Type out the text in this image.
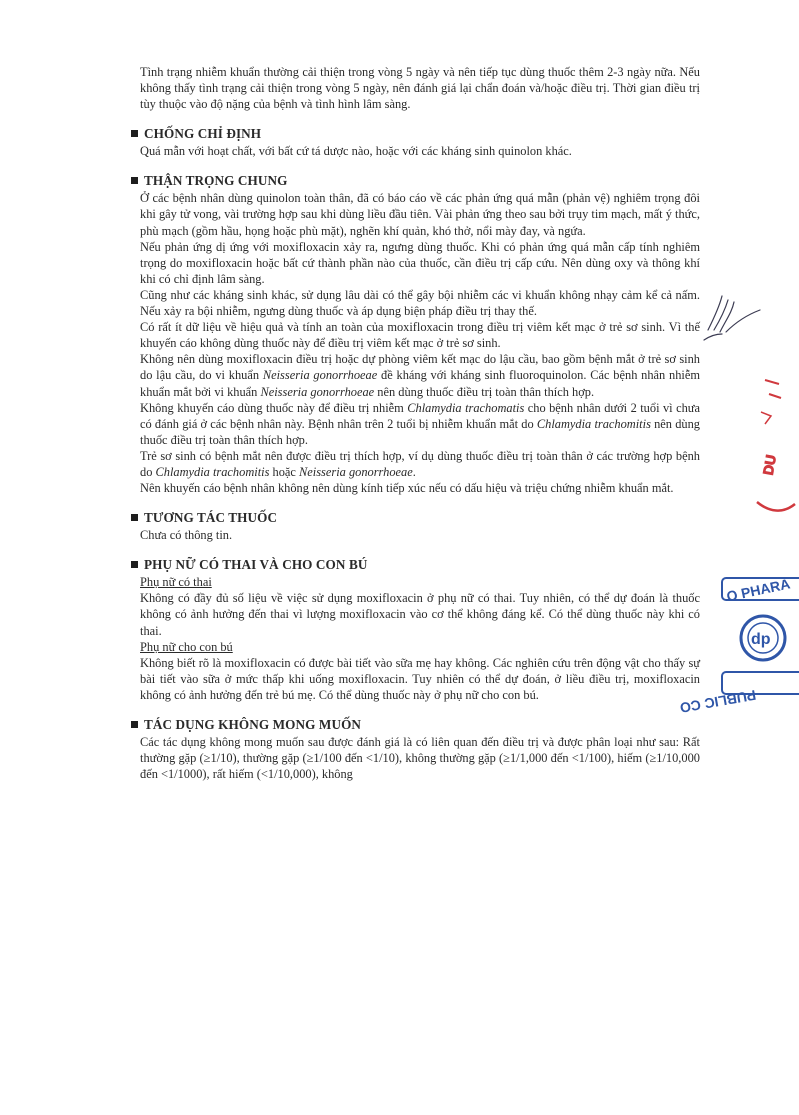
Tình trạng nhiễm khuẩn thường cải thiện trong vòng 5 ngày và nên tiếp tục dùng thuốc thêm 2-3 ngày nữa. Nếu không thấy tình trạng cải thiện trong vòng 5 ngày, nên đánh giá lại chẩn đoán và/hoặc điều trị. Thời gian điều trị tùy thuộc vào độ nặng của bệnh và tình hình lâm sàng.

CHỐNG CHỈ ĐỊNH

Quá mẫn với hoạt chất, với bất cứ tá dược nào, hoặc với các kháng sinh quinolon khác.

THẬN TRỌNG CHUNG

Ở các bệnh nhân dùng quinolon toàn thân, đã có báo cáo về các phản ứng quá mẫn (phản vệ) nghiêm trọng đôi khi gây tử vong, vài trường hợp sau khi dùng liều đầu tiên. Vài phản ứng theo sau bởi trụy tim mạch, mất ý thức, phù mạch (gồm hầu, họng hoặc phù mặt), nghẽn khí quản, khó thở, nổi mày đay, và ngứa.

Nếu phản ứng dị ứng với moxifloxacin xảy ra, ngưng dùng thuốc. Khi có phản ứng quá mẫn cấp tính nghiêm trọng do moxifloxacin hoặc bất cứ thành phần nào của thuốc, cần điều trị cấp cứu. Nên dùng oxy và thông khí khi có chỉ định lâm sàng.

Cũng như các kháng sinh khác, sử dụng lâu dài có thể gây bội nhiễm các vi khuẩn không nhạy cảm kể cả nấm. Nếu xảy ra bội nhiễm, ngưng dùng thuốc và áp dụng biện pháp điều trị thay thế.

Có rất ít dữ liệu về hiệu quả và tính an toàn của moxifloxacin trong điều trị viêm kết mạc ở trẻ sơ sinh. Vì thế khuyến cáo không dùng thuốc này để điều trị viêm kết mạc ở trẻ sơ sinh.

Không nên dùng moxifloxacin điều trị hoặc dự phòng viêm kết mạc do lậu cầu, bao gồm bệnh mắt ở trẻ sơ sinh do lậu cầu, do vi khuẩn Neisseria gonorrhoeae đề kháng với kháng sinh fluoroquinolon. Các bệnh nhân nhiễm khuẩn mắt bởi vi khuẩn Neisseria gonorrhoeae nên dùng thuốc điều trị toàn thân thích hợp.

Không khuyến cáo dùng thuốc này để điều trị nhiễm Chlamydia trachomatis cho bệnh nhân dưới 2 tuổi vì chưa có đánh giá ở các bệnh nhân này. Bệnh nhân trên 2 tuổi bị nhiễm khuẩn mắt do Chlamydia trachomitis nên dùng thuốc điều trị toàn thân thích hợp.

Trẻ sơ sinh có bệnh mắt nên được điều trị thích hợp, ví dụ dùng thuốc điều trị toàn thân ở các trường hợp bệnh do Chlamydia trachomitis hoặc Neisseria gonorrhoeae.

Nên khuyến cáo bệnh nhân không nên dùng kính tiếp xúc nếu có dấu hiệu và triệu chứng nhiễm khuẩn mắt.

TƯƠNG TÁC THUỐC

Chưa có thông tin.

PHỤ NỮ CÓ THAI VÀ CHO CON BÚ

Phụ nữ có thai

Không có đầy đủ số liệu về việc sử dụng moxifloxacin ở phụ nữ có thai. Tuy nhiên, có thể dự đoán là thuốc không có ảnh hưởng đến thai vì lượng moxifloxacin vào cơ thể không đáng kể. Có thể dùng thuốc này khi có thai.

Phụ nữ cho con bú

Không biết rõ là moxifloxacin có được bài tiết vào sữa mẹ hay không. Các nghiên cứu trên động vật cho thấy sự bài tiết vào sữa ở mức thấp khi uống moxifloxacin. Tuy nhiên có thể dự đoán, ở liều điều trị, moxifloxacin không có ảnh hưởng đến trẻ bú mẹ. Có thể dùng thuốc này ở phụ nữ cho con bú.

TÁC DỤNG KHÔNG MONG MUỐN

Các tác dụng không mong muốn sau được đánh giá là có liên quan đến điều trị và được phân loại như sau: Rất thường gặp (≥1/10), thường gặp (≥1/100 đến <1/10), không thường gặp (≥1/1,000 đến <1/100), hiếm (≥1/10,000 đến <1/1000), rất hiếm (<1/10,000), không

DU
O PHARA
dp
PUBLIC CO
